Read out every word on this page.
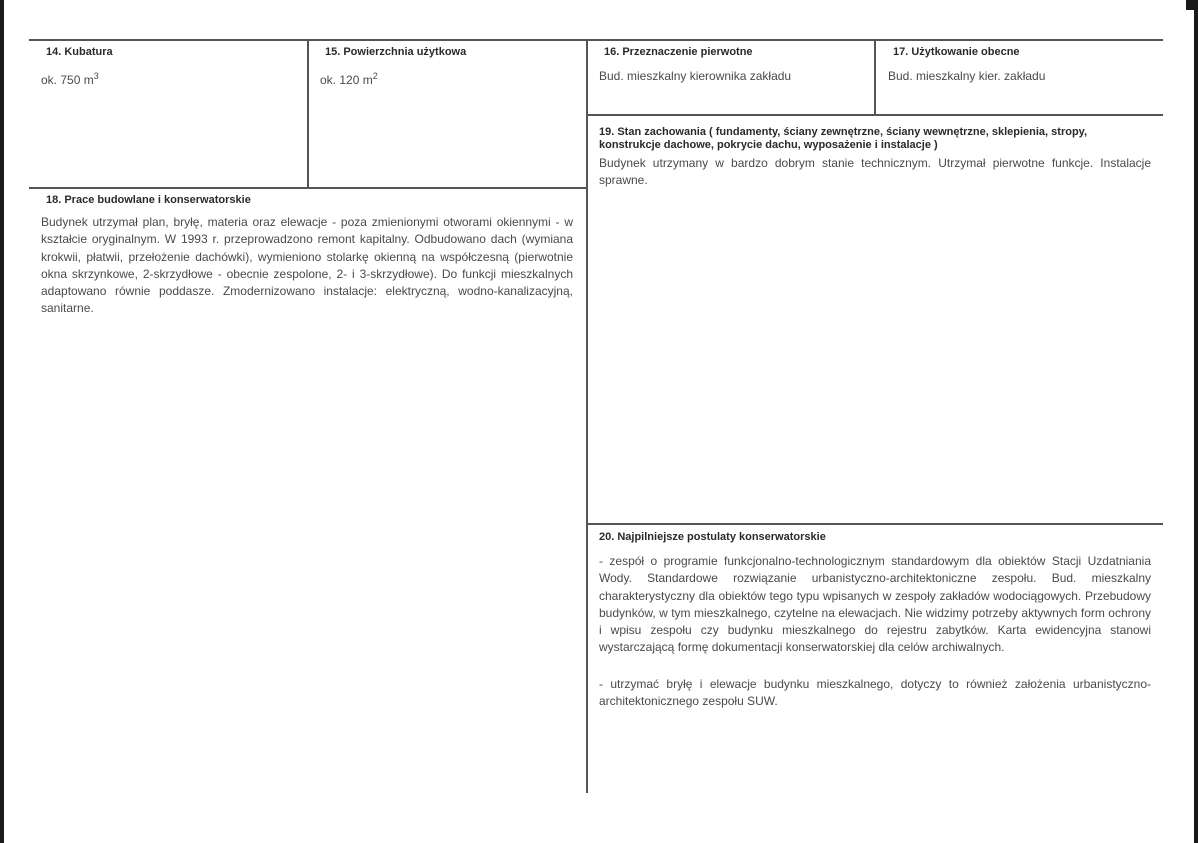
14. Kubatura
ok. 750 $m^3$
15. Powierzchnia użytkowa
ok. 120 $m^2$
16. Przeznaczenie pierwotne
Bud. mieszkalny kierownika zakładu
17. Użytkowanie obecne
Bud. mieszkalny kier. zakładu
19. Stan zachowania ( fundamenty, ściany zewnętrzne, ściany wewnętrzne, sklepienia, stropy, konstrukcje dachowe, pokrycie dachu, wyposażenie i instalacje )
Budynek utrzymany w bardzo dobrym stanie technicznym. Utrzymał pierwotne funkcje. Instalacje sprawne.
18. Prace budowlane i konserwatorskie
Budynek utrzymał plan, bryłę, materia oraz elewacje - poza zmienionymi otworami okiennymi - w kształcie oryginalnym. W 1993 r. przeprowadzono remont kapitalny. Odbudowano dach (wymiana krokwii, płatwii, przełożenie dachówki), wymieniono stolarkę okienną na współczesną (pierwotnie okna skrzynkowe, 2-skrzydłowe - obecnie zespolone, 2- i 3-skrzydłowe). Do funkcji mieszkalnych adaptowano równie poddasze. Zmodernizowano instalacje: elektryczną, wodno-kanalizacyjną, sanitarne.
20. Najpilniejsze postulaty konserwatorskie
- zespół o programie funkcjonalno-technologicznym standardowym dla obiektów Stacji Uzdatniania Wody. Standardowe rozwiązanie urbanistyczno-architektoniczne zespołu. Bud. mieszkalny charakterystyczny dla obiektów tego typu wpisanych w zespoły zakładów wodociągowych. Przebudowy budynków, w tym mieszkalnego, czytelne na elewacjach. Nie widzimy potrzeby aktywnych form ochrony i wpisu zespołu czy budynku mieszkalnego do rejestru zabytków. Karta ewidencyjna stanowi wystarczającą formę dokumentacji konserwatorskiej dla celów archiwalnych.
- utrzymać bryłę i elewacje budynku mieszkalnego, dotyczy to również założenia urbanistyczno-architektonicznego zespołu SUW.
